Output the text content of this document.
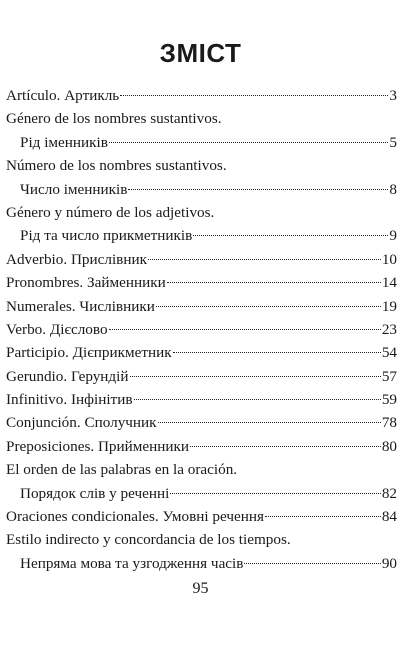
ЗМІСТ
Artículo. Артикль	3
Género de los nombres sustantivos.
Рід іменників	5
Número de los nombres sustantivos.
Число іменників	8
Género y número de los adjetivos.
Рід та число прикметників	9
Adverbio. Прислівник	10
Pronombres. Займенники	14
Numerales. Числівники	19
Verbo. Дієслово	23
Participio. Дієприкметник	54
Gerundio. Герундій	57
Infinitivo. Інфінітив	59
Conjunción. Сполучник	78
Preposiciones. Прийменники	80
El orden de las palabras en la oración.
Порядок слів у реченні	82
Oraciones condicionales. Умовні речення	84
Estilo indirecto y concordancia de los tiempos.
Непряма мова та узгодження часів	90
95
